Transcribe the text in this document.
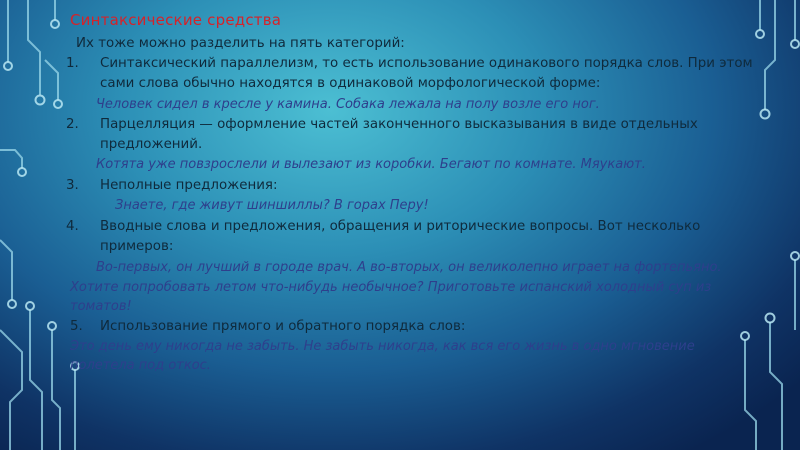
Синтаксические средства
Их тоже можно разделить на пять категорий:
1. Синтаксический параллелизм, то есть использование одинакового порядка слов. При этом
сами слова обычно находятся в одинаковой морфологической форме:
Человек сидел в кресле у камина. Собака лежала на полу возле его ног.
2. Парцелляция — оформление частей законченного высказывания в виде отдельных
предложений.
Котята уже повзрослели и вылезают из коробки. Бегают по комнате. Мяукают.
3. Неполные предложения:
Знаете, где живут шиншиллы? В горах Перу!
4. Вводные слова и предложения, обращения и риторические вопросы. Вот несколько
примеров:
Во-первых, он лучший в городе врач. А во-вторых, он великолепно играет на фортепьяно.
Хотите попробовать летом что-нибудь необычное? Приготовьте испанский холодный суп из
томатов!
5. Использование прямого и обратного порядка слов:
Это день ему никогда не забыть. Не забыть никогда, как вся его жизнь в одно мгновение
полетела под откос.
